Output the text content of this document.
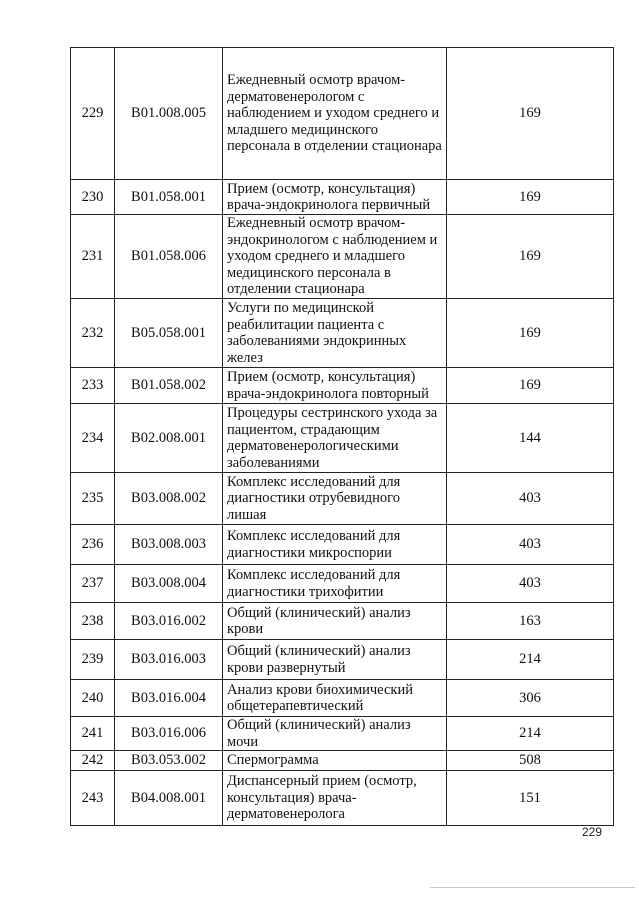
229	B01.008.005	Ежедневный осмотр врачом-дерматовенерологом с наблюдением и уходом среднего и младшего медицинского персонала в отделении стационара	169
230	B01.058.001	Прием (осмотр, консультация) врача-эндокринолога первичный	169
231	B01.058.006	Ежедневный осмотр врачом-эндокринологом с наблюдением и уходом среднего и младшего медицинского персонала в отделении стационара	169
232	B05.058.001	Услуги по медицинской реабилитации пациента с заболеваниями эндокринных желез	169
233	B01.058.002	Прием (осмотр, консультация) врача-эндокринолога повторный	169
234	B02.008.001	Процедуры сестринского ухода за пациентом, страдающим дерматовенерологическими заболеваниями	144
235	B03.008.002	Комплекс исследований для диагностики отрубевидного лишая	403
236	B03.008.003	Комплекс исследований для диагностики микроспории	403
237	B03.008.004	Комплекс исследований для диагностики трихофитии	403
238	B03.016.002	Общий (клинический) анализ крови	163
239	B03.016.003	Общий (клинический) анализ крови развернутый	214
240	B03.016.004	Анализ крови биохимический общетерапевтический	306
241	B03.016.006	Общий (клинический) анализ мочи	214
242	B03.053.002	Спермограмма	508
243	B04.008.001	Диспансерный прием (осмотр, консультация) врача-дерматовенеролога	151
229
